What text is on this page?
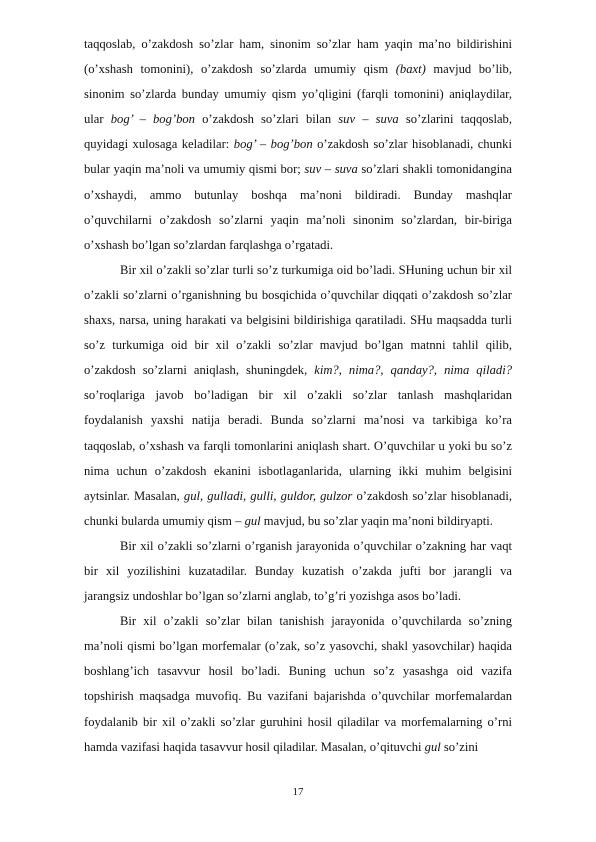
taqqoslab, o’zakdosh so’zlar ham, sinonim so’zlar ham yaqin ma’no bildirishini (o’xshash tomonini), o’zakdosh so’zlarda umumiy qism (baxt) mavjud bo’lib, sinonim so’zlarda bunday umumiy qism yo’qligini (farqli tomonini) aniqlaydilar, ular bog’ – bog’bon o’zakdosh so’zlari bilan suv – suva so’zlarini taqqoslab, quyidagi xulosaga keladilar: bog’ – bog’bon o’zakdosh so’zlar hisoblanadi, chunki bular yaqin ma’noli va umumiy qismi bor; suv – suva so’zlari shakli tomonidangina o’xshaydi, ammo butunlay boshqa ma’noni bildiradi. Bunday mashqlar o’quvchilarni o’zakdosh so’zlarni yaqin ma’noli sinonim so’zlardan, bir-biriga o’xshash bo’lgan so’zlardan farqlashga o’rgatadi.

Bir xil o’zakli so’zlar turli so’z turkumiga oid bo’ladi. SHuning uchun bir xil o’zakli so’zlarni o’rganishning bu bosqichida o’quvchilar diqqati o’zakdosh so’zlar shaxs, narsa, uning harakati va belgisini bildirishiga qaratiladi. SHu maqsadda turli so’z turkumiga oid bir xil o’zakli so’zlar mavjud bo’lgan matnni tahlil qilib, o’zakdosh so’zlarni aniqlash, shuningdek, kim?, nima?, qanday?, nima qiladi? so’roqlariga javob bo’ladigan bir xil o’zakli so’zlar tanlash mashqlaridan foydalanish yaxshi natija beradi. Bunda so’zlarni ma’nosi va tarkibiga ko’ra taqqoslab, o’xshash va farqli tomonlarini aniqlash shart. O’quvchilar u yoki bu so’z nima uchun o’zakdosh ekanini isbotlaganlarida, ularning ikki muhim belgisini aytsinlar. Masalan, gul, gulladi, gulli, guldor, gulzor o’zakdosh so’zlar hisoblanadi, chunki bularda umumiy qism – gul mavjud, bu so’zlar yaqin ma’noni bildiryapti.

Bir xil o’zakli so’zlarni o’rganish jarayonida o’quvchilar o’zakning har vaqt bir xil yozilishini kuzatadilar. Bunday kuzatish o’zakda jufti bor jarangli va jarangsiz undoshlar bo’lgan so’zlarni anglab, to’g’ri yozishga asos bo’ladi.

Bir xil o’zakli so’zlar bilan tanishish jarayonida o’quvchilarda so’zning ma’noli qismi bo’lgan morfemalar (o’zak, so’z yasovchi, shakl yasovchilar) haqida boshlang’ich tasavvur hosil bo’ladi. Buning uchun so’z yasashga oid vazifa topshirish maqsadga muvofiq. Bu vazifani bajarishda o’quvchilar morfemalardan foydalanib bir xil o’zakli so’zlar guruhini hosil qiladilar va morfemalarning o’rni hamda vazifasi haqida tasavvur hosil qiladilar. Masalan, o’qituvchi gul so’zini

17
